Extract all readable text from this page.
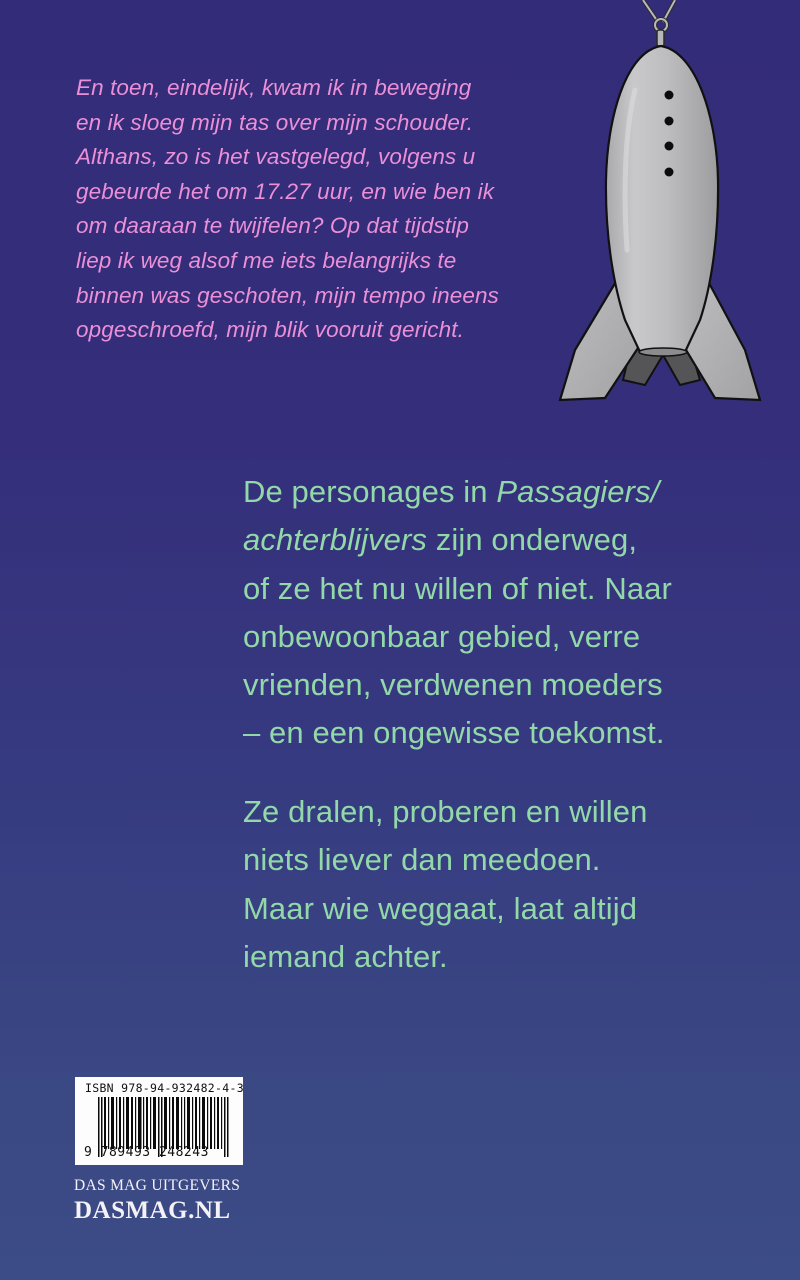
En toen, eindelijk, kwam ik in beweging
en ik sloeg mijn tas over mijn schouder.
Althans, zo is het vastgelegd, volgens u
gebeurde het om 17.27 uur, en wie ben ik
om daaraan te twijfelen? Op dat tijdstip
liep ik weg alsof me iets belangrijks te
binnen was geschoten, mijn tempo ineens
opgeschroefd, mijn blik vooruit gericht.
De personages in Passagiers/
achterblijvers zijn onderweg,
of ze het nu willen of niet. Naar
onbewoonbaar gebied, verre
vrienden, verdwenen moeders
– en een ongewisse toekomst.
Ze dralen, proberen en willen
niets liever dan meedoen.
Maar wie weggaat, laat altijd
iemand achter.
ISBN 978-94-932482-4-3
9 789493 248243
DAS MAG UITGEVERS
DASMAG.NL
